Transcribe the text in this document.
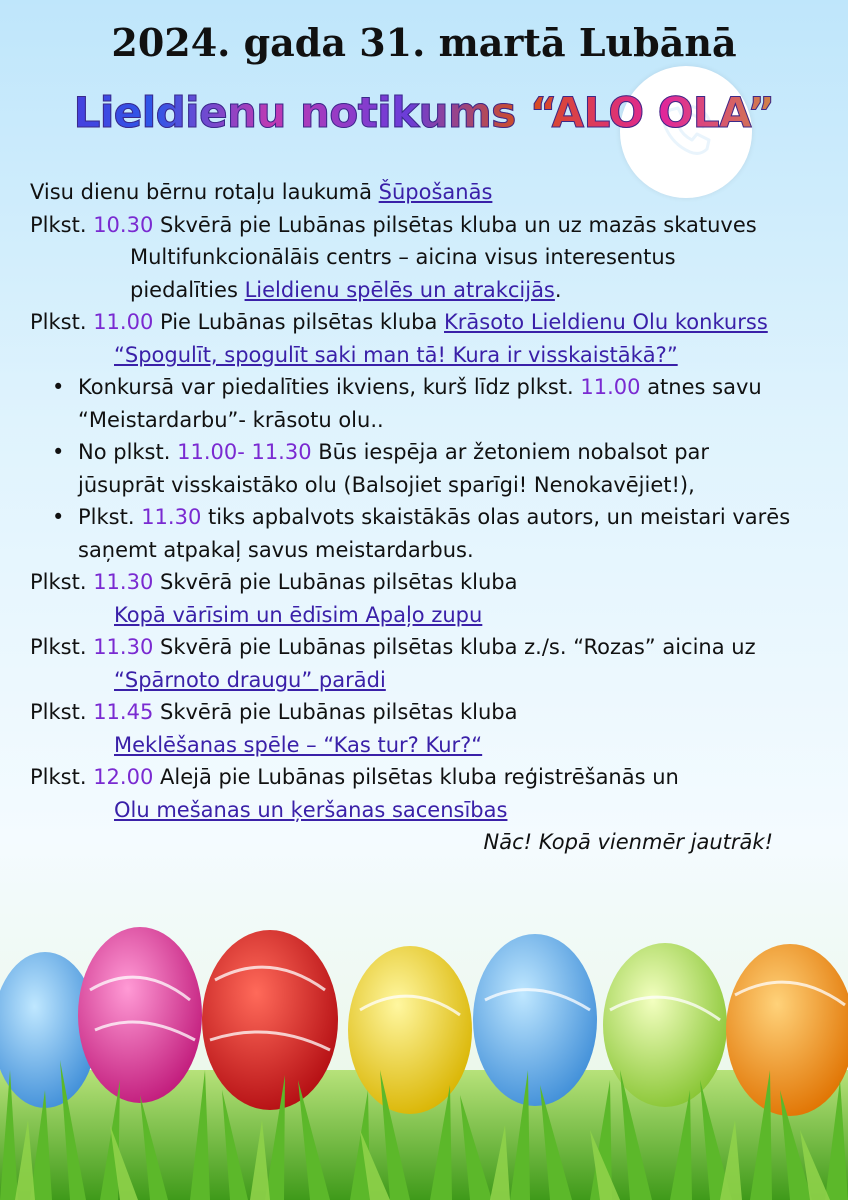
2024. gada 31. martā Lubānā
Lieldienu notikums “ALO OLA”
Visu dienu bērnu rotaļu laukumā Šūpošanās
Plkst. 10.30 Skvērā pie Lubānas pilsētas kluba un uz mazās skatuves
Multifunkcionālāis centrs – aicina visus interesentus
piedalīties Lieldienu spēlēs un atrakcijās.
Plkst. 11.00 Pie Lubānas pilsētas kluba Krāsoto Lieldienu Olu konkurss
“Spogulīt, spogulīt saki man tā! Kura ir visskaistākā?”
• Konkursā var piedalīties ikviens, kurš līdz plkst. 11.00 atnes savu
“Meistardarbu”- krāsotu olu..
• No plkst. 11.00- 11.30 Būs iespēja ar žetoniem nobalsot par
jūsuprāt visskaistāko olu (Balsojiet sparīgi! Nenokavējiet!),
• Plkst. 11.30 tiks apbalvots skaistākās olas autors, un meistari varēs
saņemt atpakaļ savus meistardarbus.
Plkst. 11.30 Skvērā pie Lubānas pilsētas kluba
Kopā vārīsim un ēdīsim Apaļo zupu
Plkst. 11.30 Skvērā pie Lubānas pilsētas kluba z./s. “Rozas” aicina uz
“Spārnoto draugu” parādi
Plkst. 11.45 Skvērā pie Lubānas pilsētas kluba
Meklēšanas spēle – “Kas tur? Kur?“
Plkst. 12.00 Alejā pie Lubānas pilsētas kluba reģistrēšanās un
Olu mešanas un ķeršanas sacensības
Nāc! Kopā vienmēr jautrāk!
